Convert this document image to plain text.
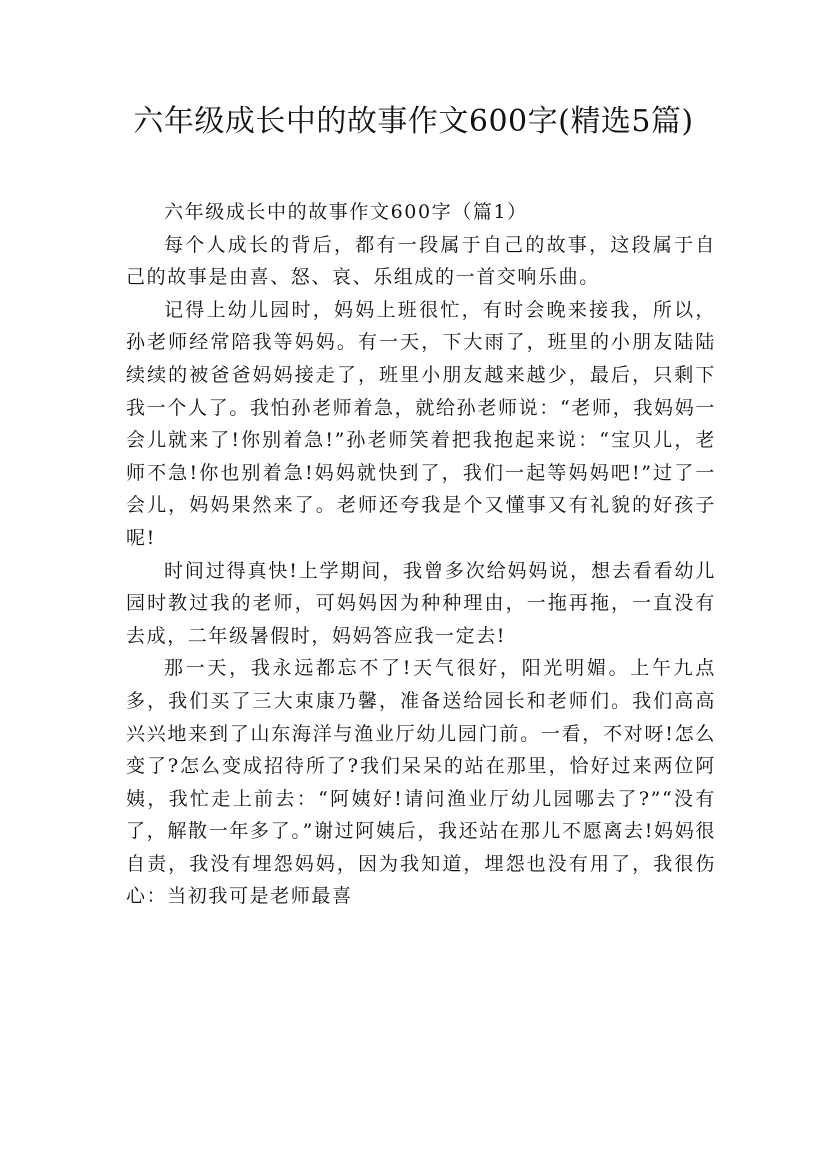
六年级成长中的故事作文600字(精选5篇)

六年级成长中的故事作文600字（篇1）

每个人成长的背后，都有一段属于自己的故事，这段属于自己的故事是由喜、怒、哀、乐组成的一首交响乐曲。

记得上幼儿园时，妈妈上班很忙，有时会晚来接我，所以，孙老师经常陪我等妈妈。有一天，下大雨了，班里的小朋友陆陆续续的被爸爸妈妈接走了，班里小朋友越来越少，最后，只剩下我一个人了。我怕孙老师着急，就给孙老师说：“老师，我妈妈一会儿就来了!你别着急!”孙老师笑着把我抱起来说：“宝贝儿，老师不急!你也别着急!妈妈就快到了，我们一起等妈妈吧!”过了一会儿，妈妈果然来了。老师还夸我是个又懂事又有礼貌的好孩子呢!

时间过得真快!上学期间，我曾多次给妈妈说，想去看看幼儿园时教过我的老师，可妈妈因为种种理由，一拖再拖，一直没有去成，二年级暑假时，妈妈答应我一定去!

那一天，我永远都忘不了!天气很好，阳光明媚。上午九点多，我们买了三大束康乃馨，准备送给园长和老师们。我们高高兴兴地来到了山东海洋与渔业厅幼儿园门前。一看，不对呀!怎么变了?怎么变成招待所了?我们呆呆的站在那里，恰好过来两位阿姨，我忙走上前去：“阿姨好!请问渔业厅幼儿园哪去了?”“没有了，解散一年多了。”谢过阿姨后，我还站在那儿不愿离去!妈妈很自责，我没有埋怨妈妈，因为我知道，埋怨也没有用了，我很伤心：当初我可是老师最喜
